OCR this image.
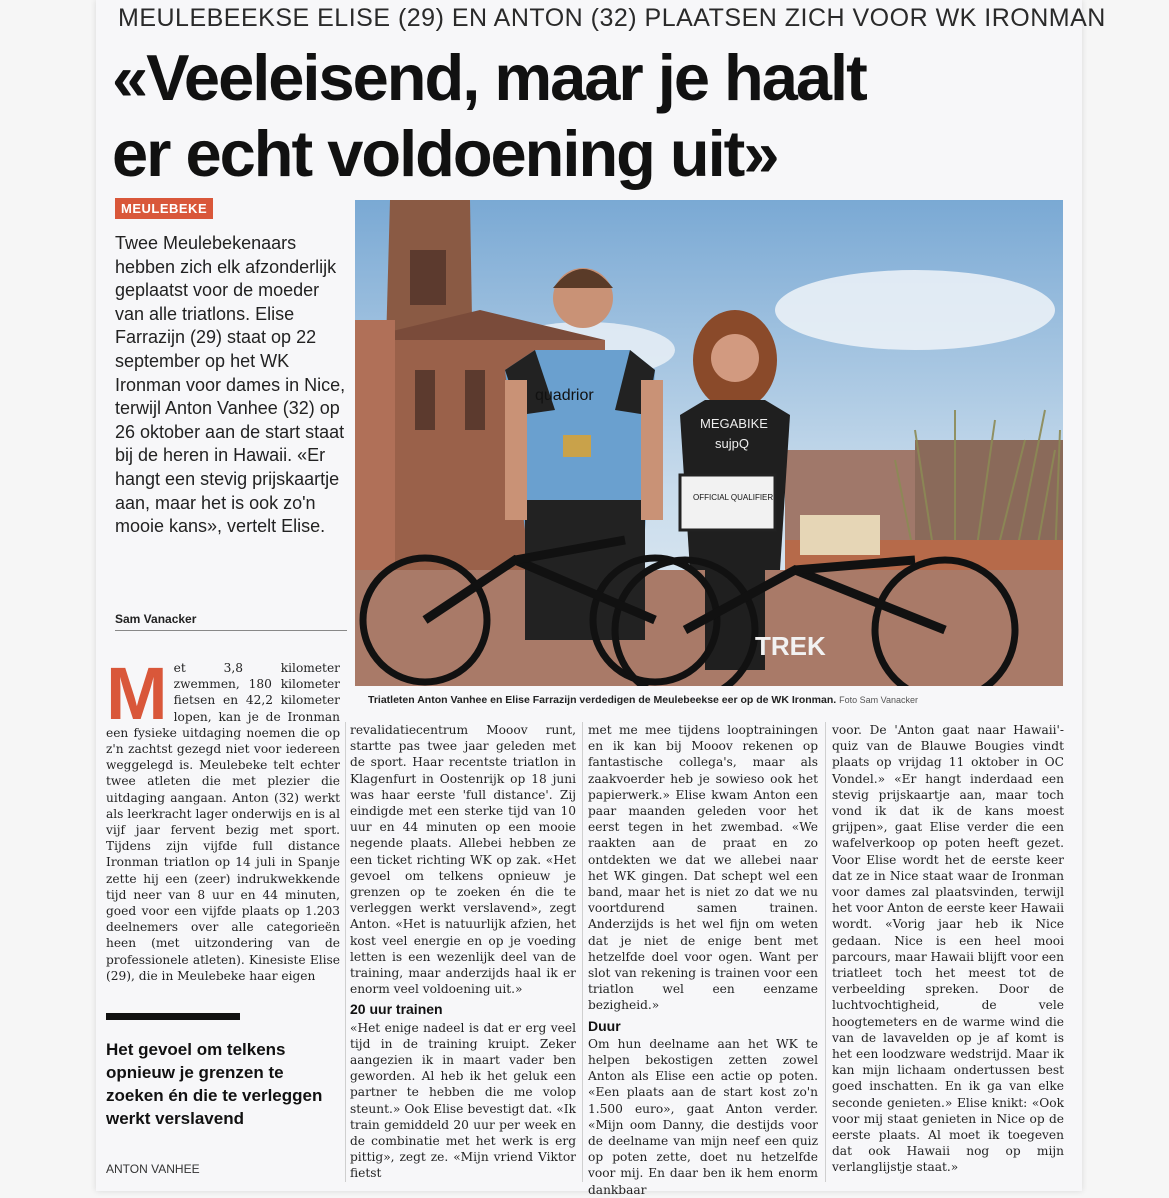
MEULEBEEKSE ELISE (29) EN ANTON (32) PLAATSEN ZICH VOOR WK IRONMAN
«Veeleisend, maar je haalt
er echt voldoening uit»
MEULEBEKE
Twee Meulebekenaars hebben zich elk afzonderlijk geplaatst voor de moeder van alle triatlons. Elise Farrazijn (29) staat op 22 september op het WK Ironman voor dames in Nice, terwijl Anton Vanhee (32) op 26 oktober aan de start staat bij de heren in Hawaii. «Er hangt een stevig prijskaartje aan, maar het is ook zo'n mooie kans», vertelt Elise.
Sam Vanacker
quadrior
MEGABIKE
sujpQ
OFFICIAL QUALIFIER
TREK
Triatleten Anton Vanhee en Elise Farrazijn verdedigen de Meulebeekse eer op de WK Ironman. Foto Sam Vanacker
M et 3,8 kilometer zwemmen, 180 kilometer fietsen en 42,2 kilometer lopen, kan je de Ironman een fysieke uitdaging noemen die op z'n zachtst gezegd niet voor iedereen weggelegd is. Meulebeke telt echter twee atleten die met plezier die uitdaging aangaan. Anton (32) werkt als leerkracht lager onderwijs en is al vijf jaar fervent bezig met sport. Tijdens zijn vijfde full distance Ironman triatlon op 14 juli in Spanje zette hij een (zeer) indrukwekkende tijd neer van 8 uur en 44 minuten, goed voor een vijfde plaats op 1.203 deelnemers over alle categorieën heen (met uitzondering van de professionele atleten). Kinesiste Elise (29), die in Meulebeke haar eigen

Het gevoel om telkens opnieuw je grenzen te zoeken én die te verleggen werkt verslavend
ANTON VANHEE

revalidatiecentrum Mooov runt, startte pas twee jaar geleden met de sport. Haar recentste triatlon in Klagenfurt in Oostenrijk op 18 juni was haar eerste 'full distance'. Zij eindigde met een sterke tijd van 10 uur en 44 minuten op een mooie negende plaats. Allebei hebben ze een ticket richting WK op zak. «Het gevoel om telkens opnieuw je grenzen op te zoeken én die te verleggen werkt verslavend», zegt Anton. «Het is natuurlijk afzien, het kost veel energie en op je voeding letten is een wezenlijk deel van de training, maar anderzijds haal ik er enorm veel voldoening uit.»

20 uur trainen

«Het enige nadeel is dat er erg veel tijd in de training kruipt. Zeker aangezien ik in maart vader ben geworden. Al heb ik het geluk een partner te hebben die me volop steunt.» Ook Elise bevestigt dat. «Ik train gemiddeld 20 uur per week en de combinatie met het werk is erg pittig», zegt ze. «Mijn vriend Viktor fietst

met me mee tijdens looptrainingen en ik kan bij Mooov rekenen op fantastische collega's, maar als zaakvoerder heb je sowieso ook het papierwerk.» Elise kwam Anton een paar maanden geleden voor het eerst tegen in het zwembad. «We raakten aan de praat en zo ontdekten we dat we allebei naar het WK gingen. Dat schept wel een band, maar het is niet zo dat we nu voortdurend samen trainen. Anderzijds is het wel fijn om weten dat je niet de enige bent met hetzelfde doel voor ogen. Want per slot van rekening is trainen voor een triatlon wel een eenzame bezigheid.»

Duur

Om hun deelname aan het WK te helpen bekostigen zetten zowel Anton als Elise een actie op poten. «Een plaats aan de start kost zo'n 1.500 euro», gaat Anton verder. «Mijn oom Danny, die destijds voor de deelname van mijn neef een quiz op poten zette, doet nu hetzelfde voor mij. En daar ben ik hem enorm dankbaar

voor. De 'Anton gaat naar Hawaii'-quiz van de Blauwe Bougies vindt plaats op vrijdag 11 oktober in OC Vondel.» «Er hangt inderdaad een stevig prijskaartje aan, maar toch vond ik dat ik de kans moest grijpen», gaat Elise verder die een wafelverkoop op poten heeft gezet. Voor Elise wordt het de eerste keer dat ze in Nice staat waar de Ironman voor dames zal plaatsvinden, terwijl het voor Anton de eerste keer Hawaii wordt. «Vorig jaar heb ik Nice gedaan. Nice is een heel mooi parcours, maar Hawaii blijft voor een triatleet toch het meest tot de verbeelding spreken. Door de luchtvochtigheid, de vele hoogtemeters en de warme wind die van de lavavelden op je af komt is het een loodzware wedstrijd. Maar ik kan mijn lichaam ondertussen best goed inschatten. En ik ga van elke seconde genieten.» Elise knikt: «Ook voor mij staat genieten in Nice op de eerste plaats. Al moet ik toegeven dat ook Hawaii nog op mijn verlanglijstje staat.»
